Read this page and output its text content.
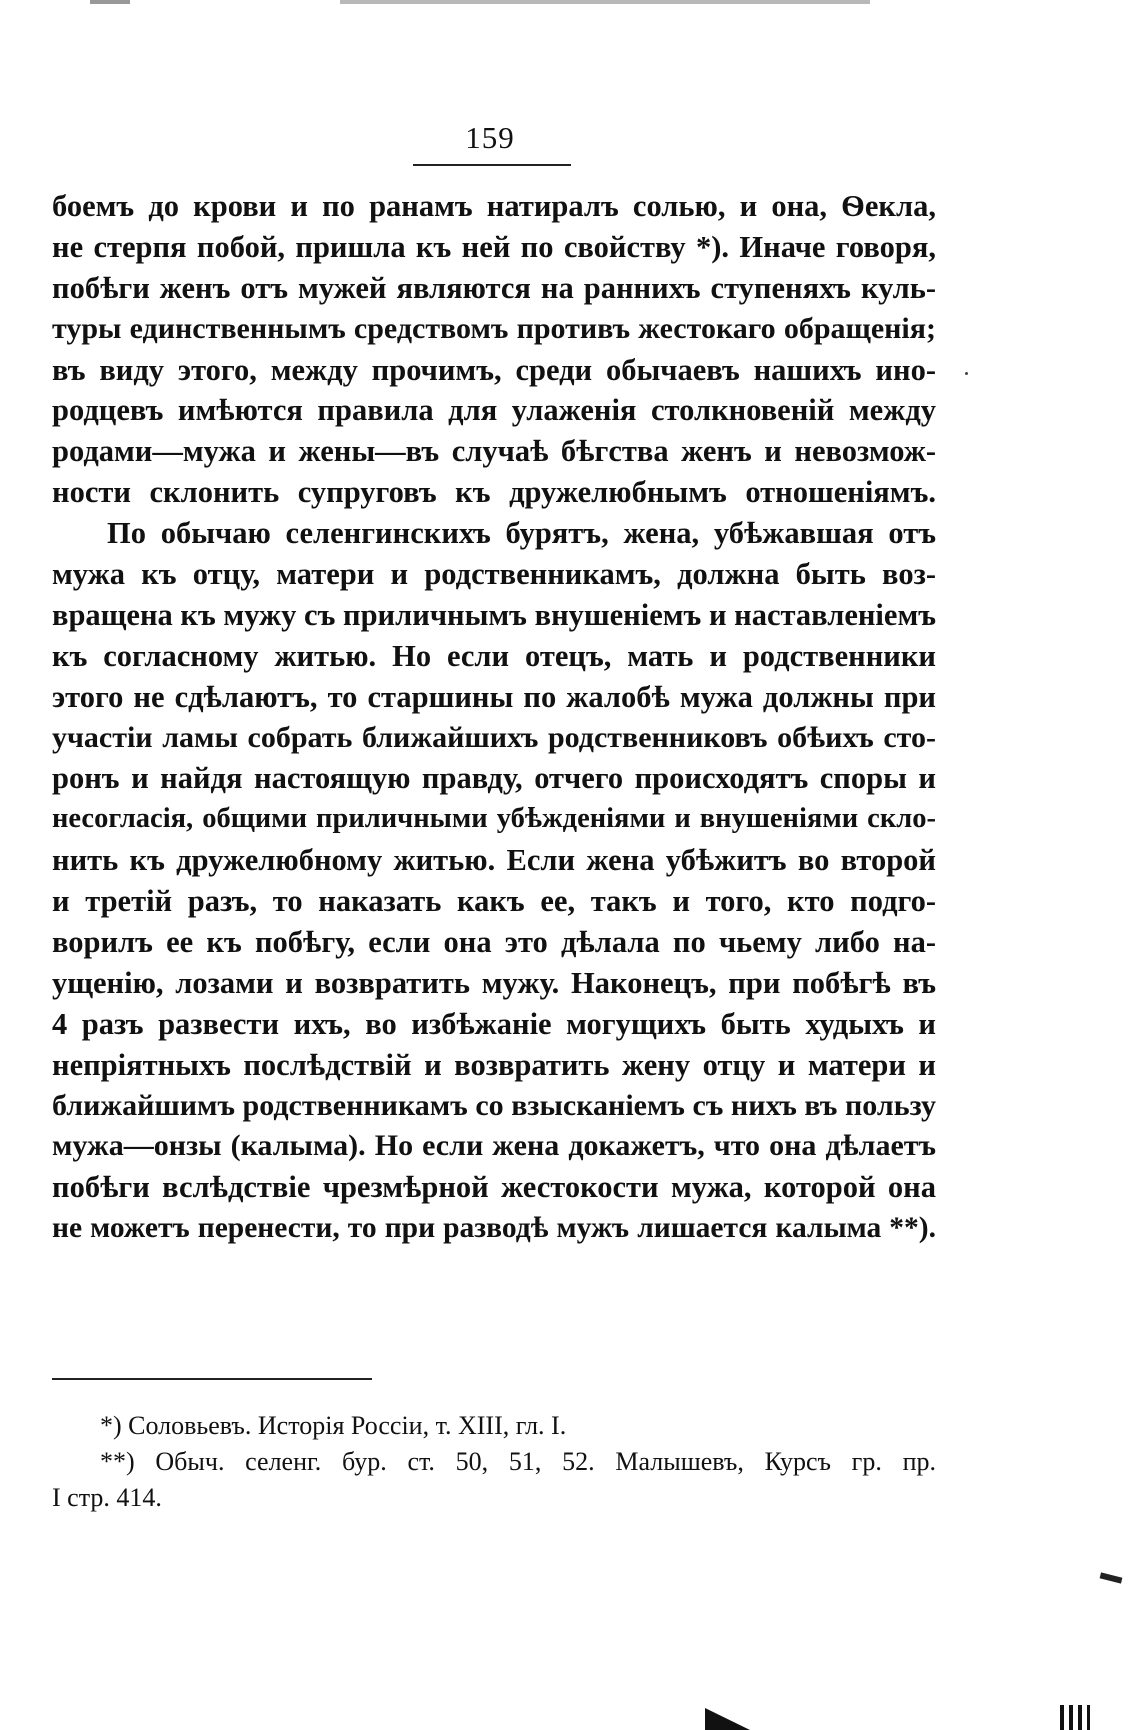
159
боемъ до крови и по ранамъ натиралъ солью, и она, Ѳекла,
не стерпя побой, пришла къ ней по свойству *). Иначе говоря,
побѣги женъ отъ мужей являются на раннихъ ступеняхъ куль-
туры единственнымъ средствомъ противъ жестокаго обращенія;
въ виду этого, между прочимъ, среди обычаевъ нашихъ ино-
родцевъ имѣются правила для улаженія столкновеній между
родами—мужа и жены—въ случаѣ бѣгства женъ и невозмож-
ности склонить супруговъ къ дружелюбнымъ отношеніямъ.
По обычаю селенгинскихъ бурятъ, жена, убѣжавшая отъ
мужа къ отцу, матери и родственникамъ, должна быть воз-
вращена къ мужу съ приличнымъ внушеніемъ и наставленіемъ
къ согласному житью. Но если отецъ, мать и родственники
этого не сдѣлаютъ, то старшины по жалобѣ мужа должны при
участіи ламы собрать ближайшихъ родственниковъ обѣихъ сто-
ронъ и найдя настоящую правду, отчего происходятъ споры и
несогласія, общими приличными убѣжденіями и внушеніями скло-
нить къ дружелюбному житью. Если жена убѣжитъ во второй
и третій разъ, то наказать какъ ее, такъ и того, кто подго-
ворилъ ее къ побѣгу, если она это дѣлала по чьему либо на-
ущенію, лозами и возвратить мужу. Наконецъ, при побѣгѣ въ
4 разъ развести ихъ, во избѣжаніе могущихъ быть худыхъ и
непріятныхъ послѣдствій и возвратить жену отцу и матери и
ближайшимъ родственникамъ со взысканіемъ съ нихъ въ пользу
мужа—онзы (калыма). Но если жена докажетъ, что она дѣлаетъ
побѣги вслѣдствіе чрезмѣрной жестокости мужа, которой она
не можетъ перенести, то при разводѣ мужъ лишается калыма **).
*) Соловьевъ. Исторія Россіи, т. XIII, гл. I.
**) Обыч. селенг. бур. ст. 50, 51, 52. Малышевъ, Курсъ гр. пр.
I стр. 414.
